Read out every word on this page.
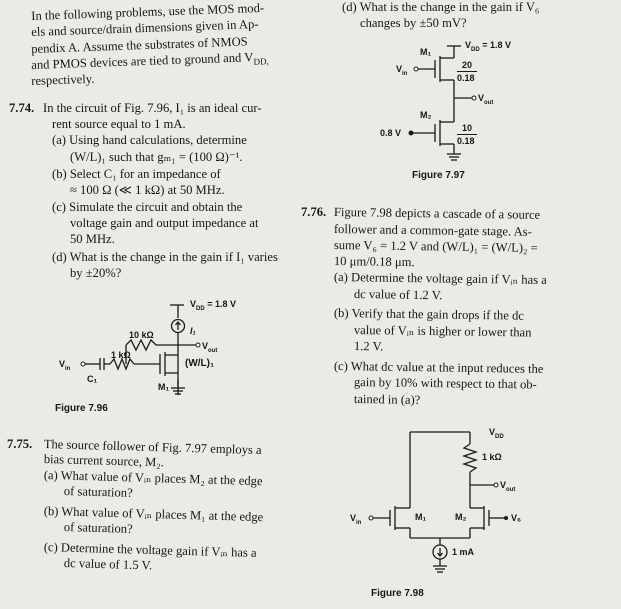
In the following problems, use the MOS mod-
els and source/drain dimensions given in Ap-
pendix A. Assume the substrates of NMOS
and PMOS devices are tied to ground and $V_{DD,}$
respectively.
7.74. In the circuit of Fig. 7.96, I₁ is an ideal cur-
rent source equal to 1 mA.
(a) Using hand calculations, determine
(W/L)₁ such that gₘ₁ = (100 Ω)⁻¹.
(b) Select C₁ for an impedance of
≈ 100 Ω (≪ 1 kΩ) at 50 MHz.
(c) Simulate the circuit and obtain the
voltage gain and output impedance at
50 MHz.
(d) What is the change in the gain if I₁ varies
by ±20%?
$V_{DD} = 1.8$ V
I₁
10 kΩ
$V_{out}$
1 kΩ
$V_{in}$
C₁
M₁
(W/L)₁
Figure 7.96
7.75. The source follower of Fig. 7.97 employs a
bias current source, M₂.
(a) What value of Vᵢₙ places M₂ at the edge
of saturation?
(b) What value of Vᵢₙ places M₁ at the edge
of saturation?
(c) Determine the voltage gain if Vᵢₙ has a
dc value of 1.5 V.
(d) What is the change in the gain if V₆
changes by ±50 mV?
$V_{DD} = 1.8$ V
M₁
20
0.18
$V_{in}$
$V_{out}$
M₂
10
0.18
0.8 V
Figure 7.97
7.76. Figure 7.98 depicts a cascade of a source
follower and a common-gate stage. As-
sume V₆ = 1.2 V and (W/L)₁ = (W/L)₂ =
10 μm/0.18 μm.
(a) Determine the voltage gain if Vᵢₙ has a
dc value of 1.2 V.
(b) Verify that the gain drops if the dc
value of Vᵢₙ is higher or lower than
1.2 V.
(c) What dc value at the input reduces the
gain by 10% with respect to that ob-
tained in (a)?
$V_{DD}$
1 kΩ
$V_{out}$
$V_{in}$
M₁	M₂	V₆
1 mA
Figure 7.98
